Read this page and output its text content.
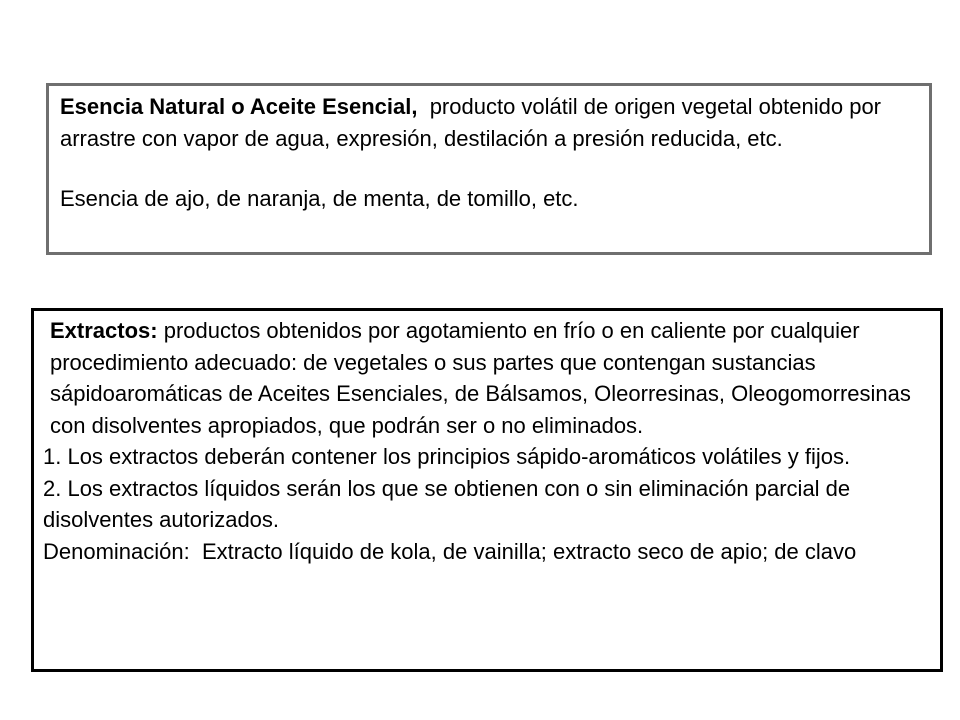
Esencia Natural o Aceite Esencial,  producto volátil de origen vegetal obtenido por arrastre con vapor de agua, expresión, destilación a presión reducida, etc.

Esencia de ajo, de naranja, de menta, de tomillo, etc.

Extractos: productos obtenidos por agotamiento en frío o en caliente por cualquier procedimiento adecuado: de vegetales o sus partes que contengan sustancias sápidoaromáticas de Aceites Esenciales, de Bálsamos, Oleorresinas, Oleogomorresinas con disolventes apropiados, que podrán ser o no eliminados.

1. Los extractos deberán contener los principios sápido-aromáticos volátiles y fijos.

2. Los extractos líquidos serán los que se obtienen con o sin eliminación parcial de disolventes autorizados.

Denominación:  Extracto líquido de kola, de vainilla; extracto seco de apio; de clavo
